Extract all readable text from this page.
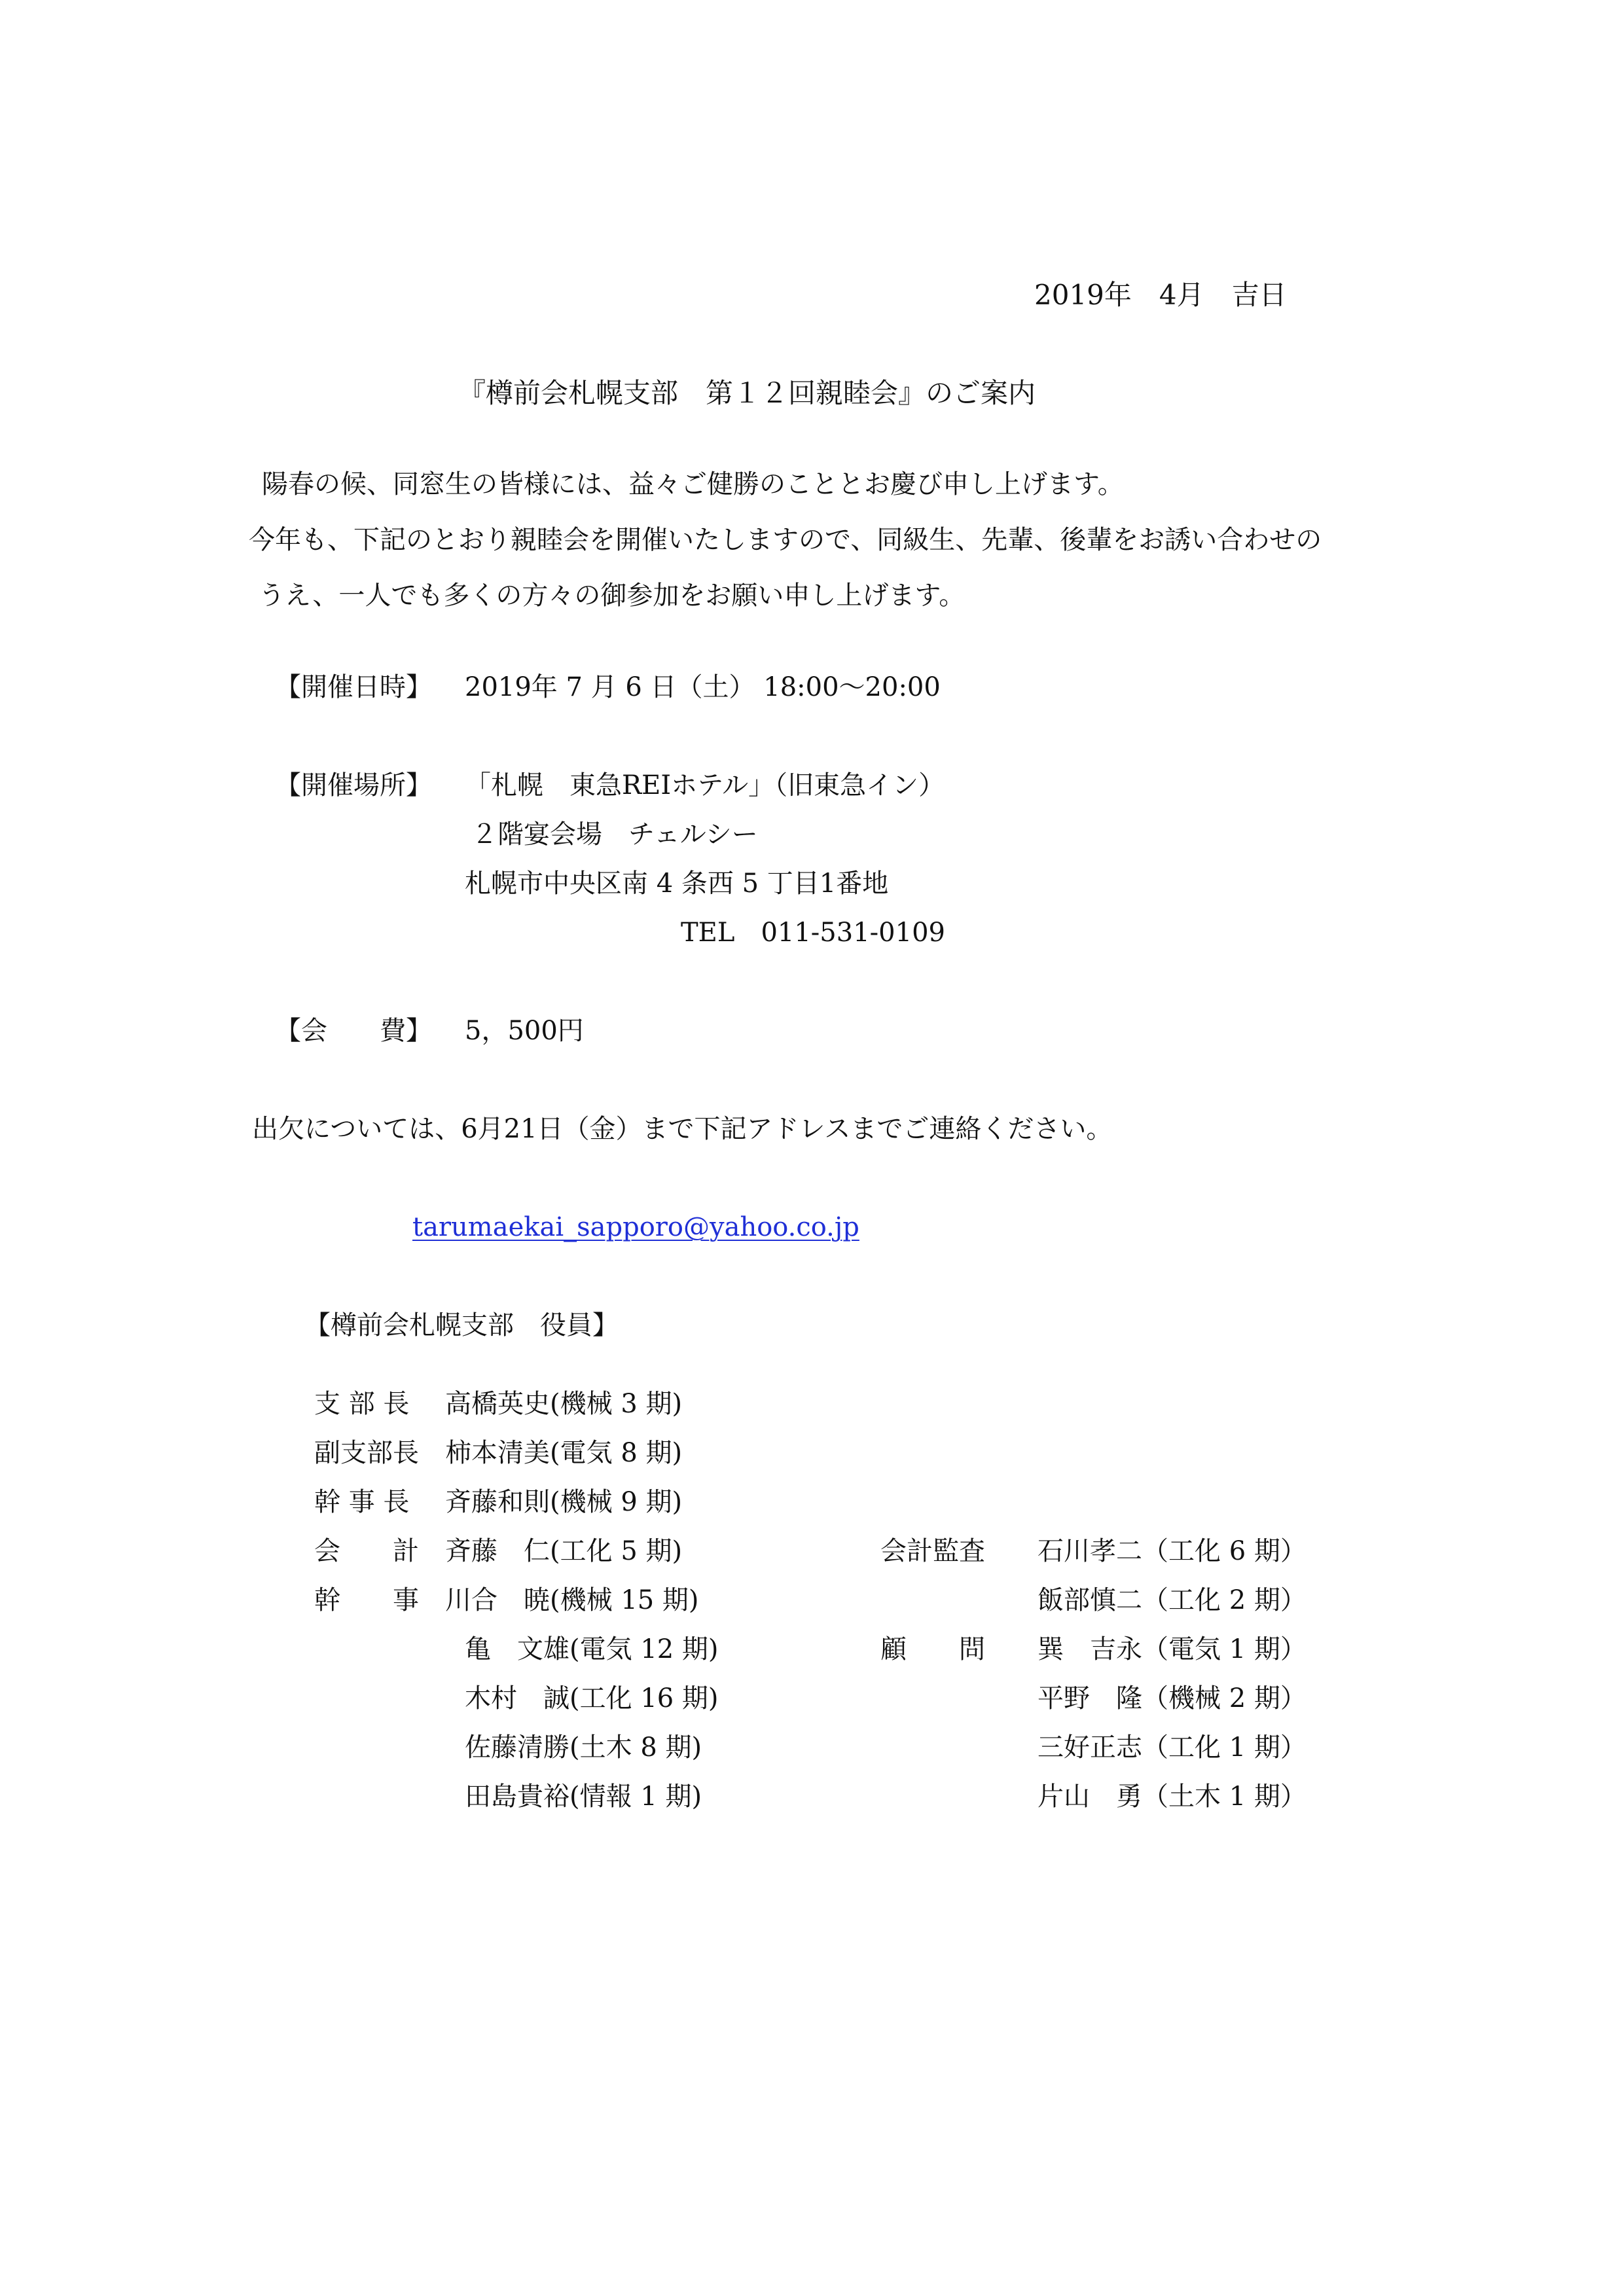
2019年　4月　吉日
『樽前会札幌支部　第１２回親睦会』のご案内
陽春の候、同窓生の皆様には、益々ご健勝のこととお慶び申し上げます。
今年も、下記のとおり親睦会を開催いたしますので、同級生、先輩、後輩をお誘い合わせの
うえ、一人でも多くの方々の御参加をお願い申し上げます。
【開催日時】 2019年 7 月 6 日（土） 18:00〜20:00
【開催場所】 「札幌　東急REIホテル」（旧東急イン）
２階宴会場　チェルシー
札幌市中央区南 4 条西 5 丁目1番地
TEL　011-531-0109
【会　　費】 5，500円
出欠については、6月21日（金）まで下記アドレスまでご連絡ください。
tarumaekai_sapporo@yahoo.co.jp
【樽前会札幌支部　役員】
支 部 長 高橋英史(機械 3 期)
副支部長 柿本清美(電気 8 期)
幹 事 長 斉藤和則(機械 9 期)
会　　計 斉藤　仁(工化 5 期)
幹　　事 川合　暁(機械 15 期)
亀　文雄(電気 12 期)
木村　誠(工化 16 期)
佐藤清勝(土木 8 期)
田島貴裕(情報 1 期)
会計監査 石川孝二（工化 6 期）
飯部慎二（工化 2 期）
顧　　問 巽　吉永（電気 1 期）
平野　隆（機械 2 期）
三好正志（工化 1 期）
片山　勇（土木 1 期）
